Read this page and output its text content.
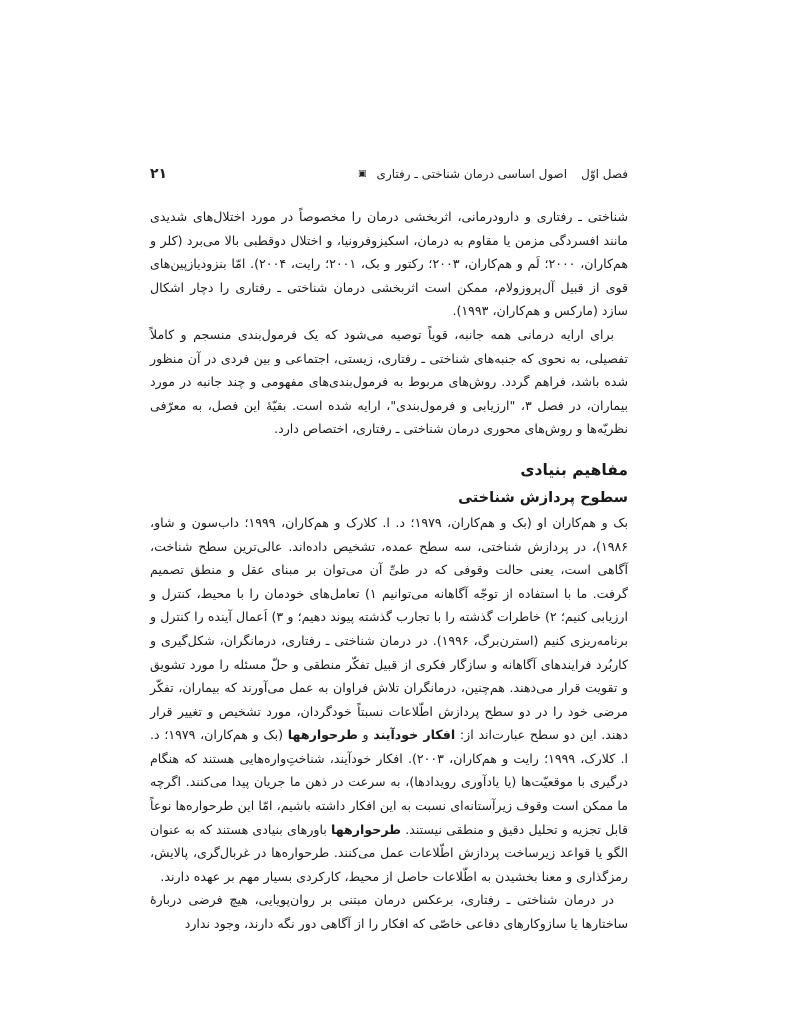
فصل اوّل
اصول اساسی درمان شناختی ـ رفتاری
▣
۲۱

شناختی ـ رفتاری و دارودرمانی، اثربخشی درمان را مخصوصاً در مورد اختلال‌های شدیدی مانند افسردگی مزمن یا مقاوم به درمان، اسکیزوفرونیا، و اختلال دوقطبی بالا می‌برد (کلر و هم‌کاران، ۲۰۰۰؛ لَم و هم‌کاران، ۲۰۰۳؛ رکتور و بک، ۲۰۰۱؛ رایت، ۲۰۰۴). امّا بنزودیازپین‌های قوی از قبیل آل‌پروزولام، ممکن است اثربخشی درمان شناختی ـ رفتاری را دچار اشکال سازد (مارکس و هم‌کاران، ۱۹۹۳).

برای ارایه درمانی همه جانبه، قویاً توصیه می‌شود که یک فرمول‌بندی منسجم و کاملاً تفصیلی، به نحوی که جنبه‌های شناختی ـ رفتاری، زیستی، اجتماعی و بین فردی در آن منظور شده باشد، فراهم گردد. روش‌های مربوط به فرمول‌بندی‌های مفهومی و چند جانبه در مورد بیماران، در فصل ۳، "ارزیابی و فرمول‌بندی"، ارایه شده است. بقیّهٔ این فصل، به معرّفی نظریّه‌ها و روش‌های محوری درمان شناختی ـ رفتاری، اختصاص دارد.

مفاهیم بنیادی
سطوح پردازش شناختی

بک و هم‌کاران او (بک و هم‌کاران، ۱۹۷۹؛ د. ا. کلارک و هم‌کاران، ۱۹۹۹؛ داب‌سون و شاو، ۱۹۸۶)، در پردازش شناختی، سه سطح عمده، تشخیص داده‌اند. عالی‌ترین سطح شناخت، آگاهی است، یعنی حالت وقوفی که در طیِّ آن می‌توان بر مبنای عقل و منطق تصمیم گرفت. ما با استفاده از توجّه آگاهانه می‌توانیم ۱) تعامل‌های خودمان را با محیط، کنترل و ارزیابی کنیم؛ ۲) خاطرات گذشته را با تجارب گذشته پیوند دهیم؛ و ۳) اَعمال آینده را کنترل و برنامه‌ریزی کنیم (استرن‌برگ، ۱۹۹۶). در درمان شناختی ـ رفتاری، درمانگران، شکل‌گیری و کاربُرد فرایندهای آگاهانه و سازگار فکری از قبیل تفکّر منطقی و حلّ مسئله را مورد تشویق و تقویت قرار می‌دهند. هم‌چنین، درمانگران تلاش فراوان به عمل می‌آورند که بیماران، تفکّر مرضی خود را در دو سطح پردازش اطّلاعات نسبتاً خودگردان، مورد تشخیص و تغییر قرار دهند. این دو سطح عبارت‌اند از: افکار خودآیند و طرحوارهها (بک و هم‌کاران، ۱۹۷۹؛ د. ا. کلارک، ۱۹۹۹؛ رایت و هم‌کاران، ۲۰۰۳). افکار خودآیند، شناختِ‌واره‌هایی هستند که هنگام درگیری با موقعیّت‌ها (یا یادآوری رویدادها)، به سرعت در ذهن ما جریان پیدا می‌کنند. اگرچه ما ممکن است وقوف زیرآستانه‌ای نسبت به این افکار داشته باشیم، امّا این طرحواره‌ها نوعاً قابل تجزیه و تحلیل دقیق و منطقی نیستند. طرحوارهها باورهای بنیادی هستند که به عنوان الگو یا قواعد زیرساخت پردازش اطّلاعات عمل می‌کنند. طرحواره‌ها در غربال‌گری، پالایش، رمزگذاری و معنا بخشیدن به اطّلاعات حاصل از محیط، کارکردی بسیار مهم بر عهده دارند.

در درمان شناختی ـ رفتاری، برعکس درمان مبتنی بر روان‌پویایی، هیچ فرضی دربارهٔ ساختارها یا سازوکارهای دفاعی خاصّی که افکار را از آگاهی دور نگه دارند، وجود ندارد
